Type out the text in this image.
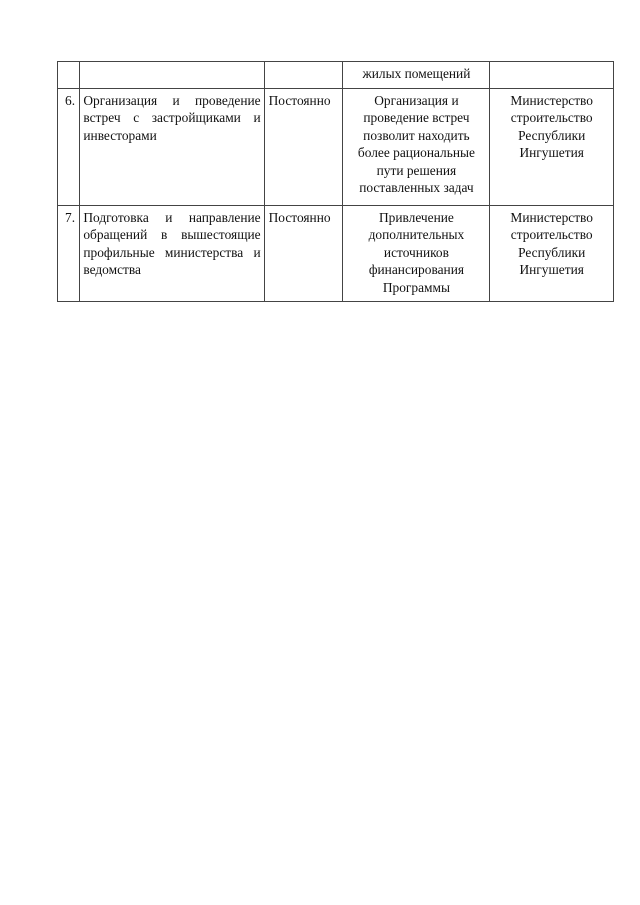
			жилых помещений	
6.	Организация и проведение встреч с застройщиками и инвесторами	Постоянно	Организация и проведение встреч позволит находить более рациональные пути решения поставленных задач	Министерство строительство Республики Ингушетия
7.	Подготовка и направление обращений в вышестоящие профильные министерства и ведомства	Постоянно	Привлечение дополнительных источников финансирования Программы	Министерство строительство Республики Ингушетия
